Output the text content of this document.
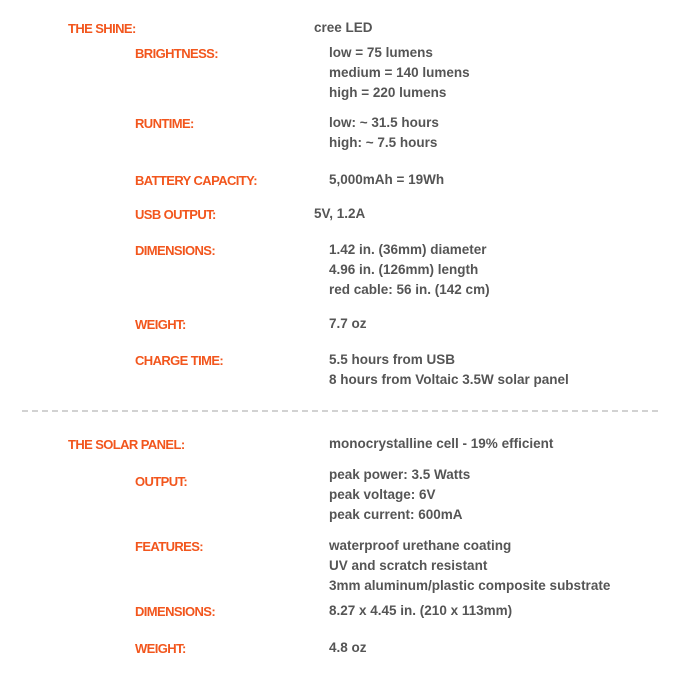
THE SHINE:	cree LED
BRIGHTNESS:	low = 75 lumens
medium = 140 lumens
high = 220 lumens
RUNTIME:	low: ~ 31.5 hours
high: ~ 7.5 hours
BATTERY CAPACITY:	5,000mAh = 19Wh
USB OUTPUT:	5V, 1.2A
DIMENSIONS:	1.42 in. (36mm) diameter
4.96 in. (126mm) length
red cable: 56 in. (142 cm)
WEIGHT:	7.7 oz
CHARGE TIME:	5.5 hours from USB
8 hours from Voltaic 3.5W solar panel
THE SOLAR PANEL:	monocrystalline cell - 19% efficient
OUTPUT:	peak power: 3.5 Watts
peak voltage: 6V
peak current: 600mA
FEATURES:	waterproof urethane coating
UV and scratch resistant
3mm aluminum/plastic composite substrate
DIMENSIONS:	8.27 x 4.45 in. (210 x 113mm)
WEIGHT:	4.8 oz
